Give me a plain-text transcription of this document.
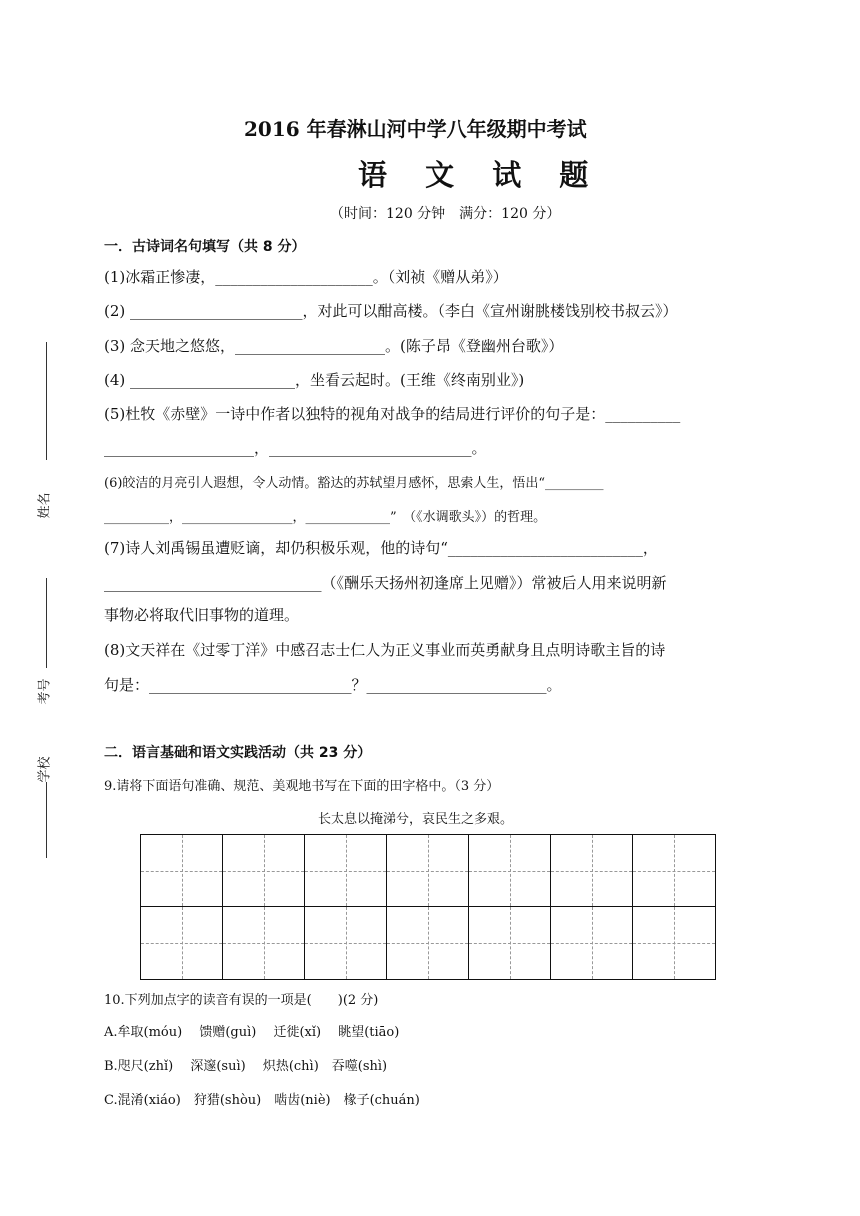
2016 年春淋山河中学八年级期中考试
语 文 试 题
（时间：120 分钟　满分：120 分）
姓名
考号
学校
一．古诗词名句填写（共 8 分）
(1)冰霜正惨凄，_____________________。（刘祯《赠从弟》）
(2) _______________________，对此可以酣高楼。（李白《宣州谢朓楼饯别校书叔云》）
(3) 念天地之悠悠，____________________。(陈子昂《登幽州台歌》）
(4) ______________________，坐看云起时。(王维《终南别业》)
(5)杜牧《赤壁》一诗中作者以独特的视角对战争的结局进行评价的句子是：__________
____________________，___________________________。
(6)皎洁的月亮引人遐想，令人动情。豁达的苏轼望月感怀，思索人生，悟出“_________
__________，_________________，_____________”　（《水调歌头》）的哲理。
(7)诗人刘禹锡虽遭贬谪，却仍积极乐观，他的诗句“__________________________，
_____________________________（《酬乐天扬州初逢席上见赠》）常被后人用来说明新
事物必将取代旧事物的道理。
(8)文天祥在《过零丁洋》中感召志士仁人为正义事业而英勇献身且点明诗歌主旨的诗
句是：___________________________？________________________。
二．语言基础和语文实践活动（共 23 分）
9.请将下面语句准确、规范、美观地书写在下面的田字格中。（3 分）
长太息以掩涕兮，哀民生之多艰。
10.下列加点字的读音有误的一项是(　　)(2 分)
A.牟取(móu)　 馈赠(guì)　 迁徙(xǐ)　 眺望(tiāo)
B.咫尺(zhǐ)　 深邃(suì)　 炽热(chì)　吞噬(shì)
C.混淆(xiáo)　狩猎(shòu)　啮齿(niè)　椽子(chuán)
